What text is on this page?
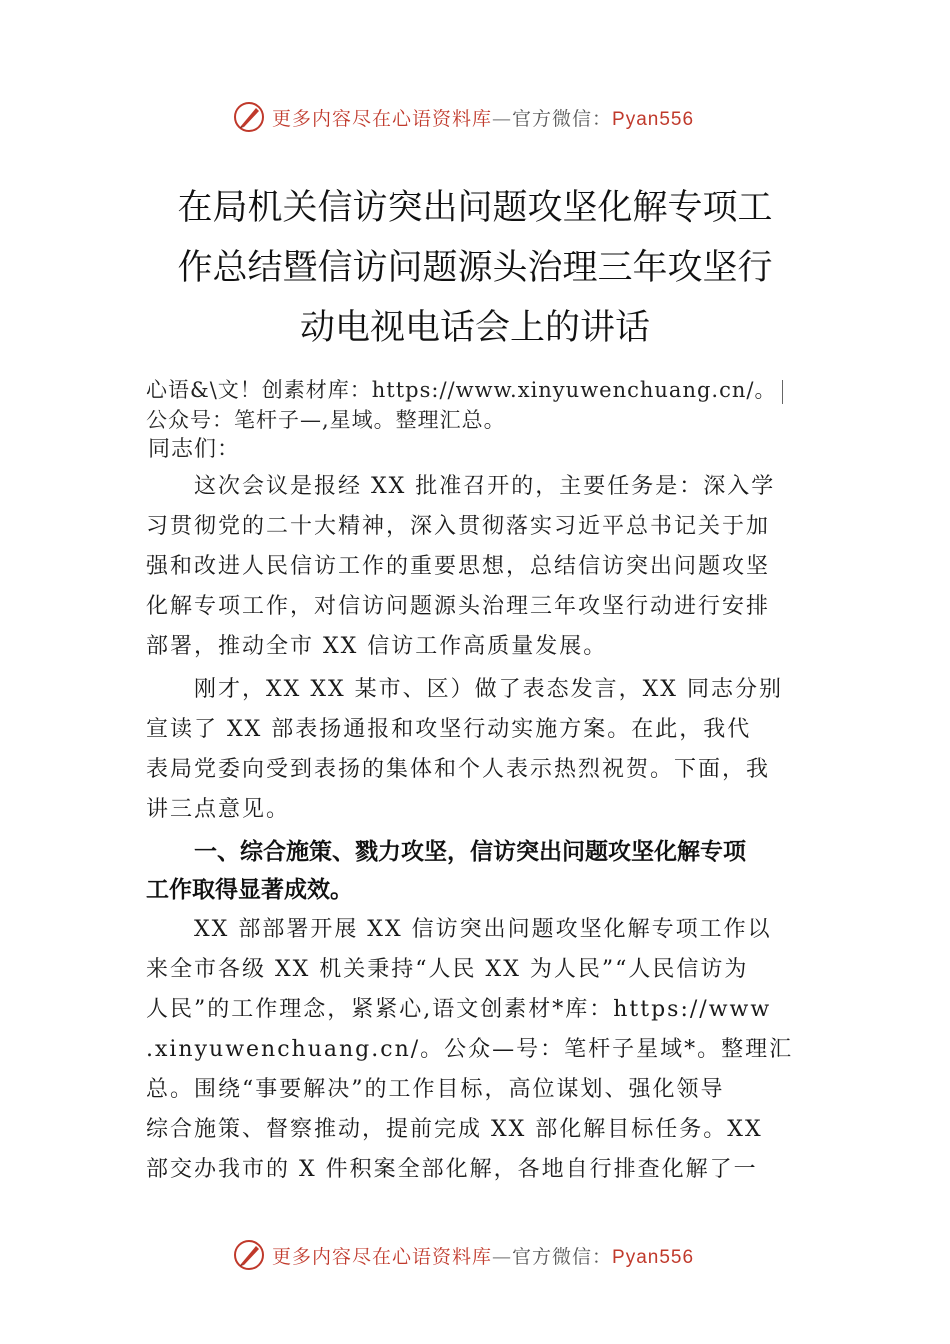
更多内容尽在心语资料库—官方微信：Pyan556
在局机关信访突出问题攻坚化解专项工
作总结暨信访问题源头治理三年攻坚行
动电视电话会上的讲话
心语&\文！创素材库：https://www.xinyuwenchuang.cn/。
公众号：笔杆子—,星域。整理汇总。
同志们：
这次会议是报经 XX 批准召开的，主要任务是：深入学
习贯彻党的二十大精神，深入贯彻落实习近平总书记关于加
强和改进人民信访工作的重要思想，总结信访突出问题攻坚
化解专项工作，对信访问题源头治理三年攻坚行动进行安排
部署，推动全市 XX 信访工作高质量发展。
刚才，XX XX 某市、区）做了表态发言，XX 同志分别
宣读了 XX 部表扬通报和攻坚行动实施方案。在此，我代
表局党委向受到表扬的集体和个人表示热烈祝贺。下面，我
讲三点意见。
一、综合施策、戮力攻坚，信访突出问题攻坚化解专项
工作取得显著成效。
XX 部部署开展 XX 信访突出问题攻坚化解专项工作以
来全市各级 XX 机关秉持“人民 XX 为人民”“人民信访为
人民”的工作理念，紧紧心,语文创素材*库：https://www
.xinyuwenchuang.cn/。公众—号：笔杆子星域*。整理汇
总。围绕“事要解决”的工作目标，高位谋划、强化领导
综合施策、督察推动，提前完成 XX 部化解目标任务。XX
部交办我市的 X 件积案全部化解，各地自行排查化解了一
更多内容尽在心语资料库—官方微信：Pyan556
